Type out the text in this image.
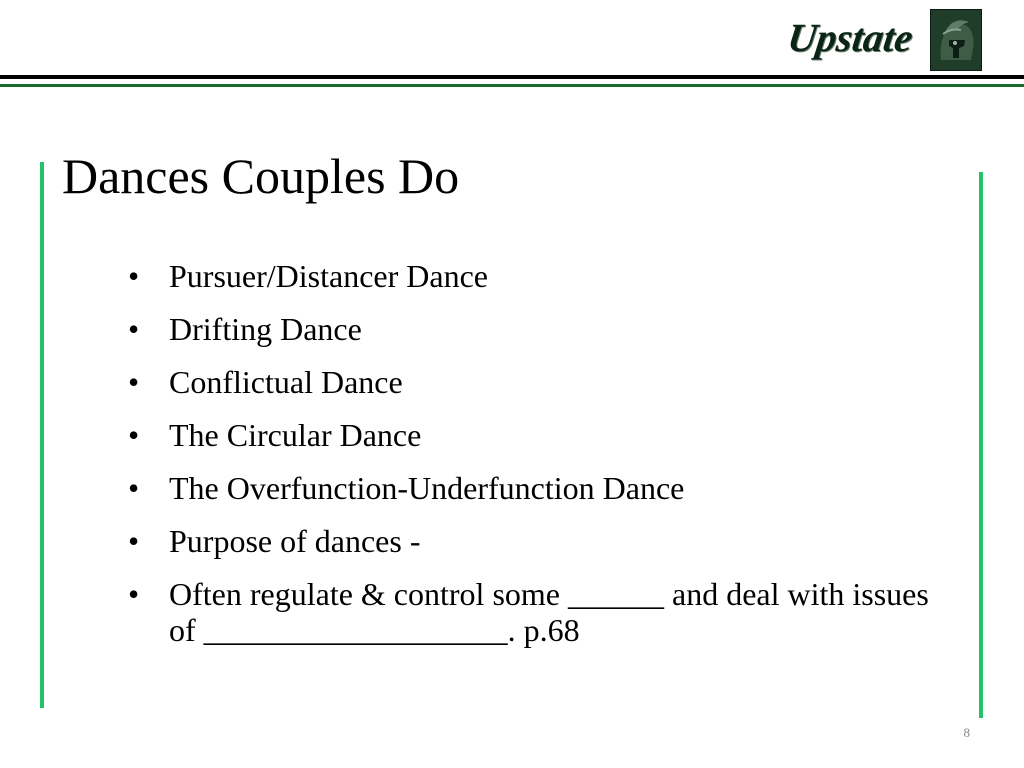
Upstate
Dances Couples Do
• Pursuer/Distancer Dance
• Drifting Dance
• Conflictual Dance
• The Circular Dance
• The Overfunction-Underfunction Dance
• Purpose of dances -
• Often regulate & control some ______ and deal with issues of ___________________. p.68
8
